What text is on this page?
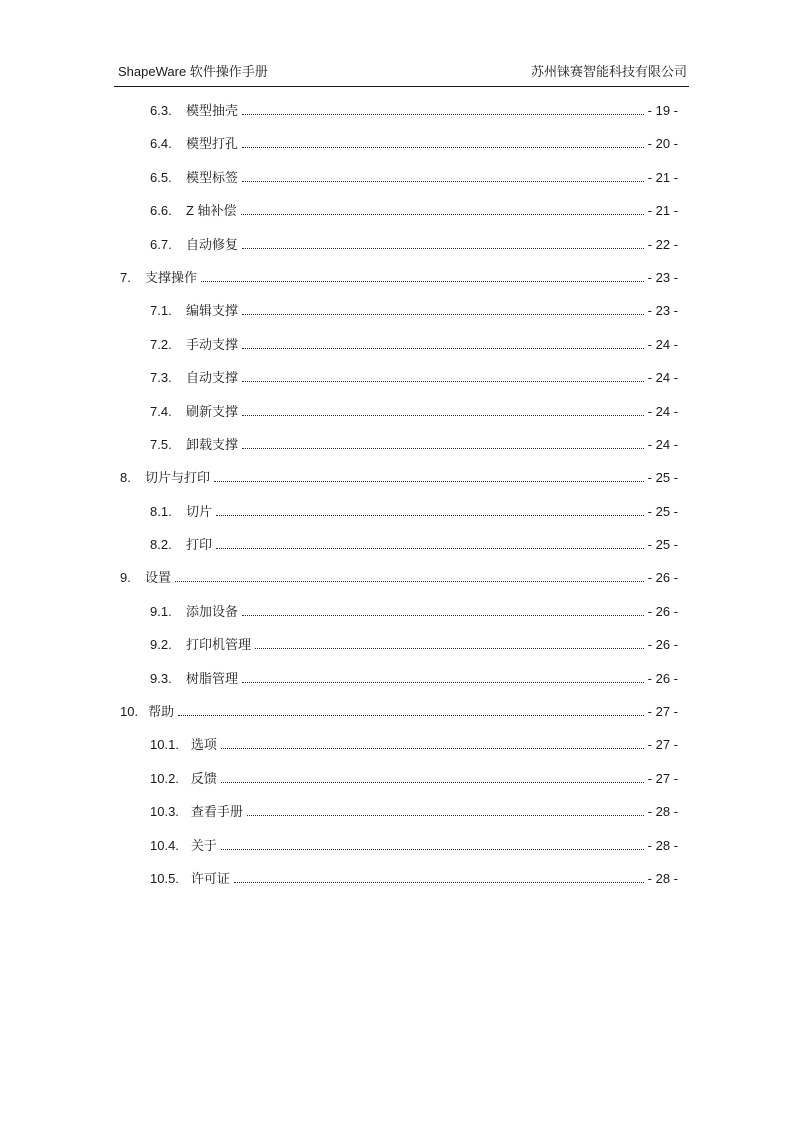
ShapeWare 软件操作手册	苏州铼赛智能科技有限公司
6.3.	模型抽壳	- 19 -
6.4.	模型打孔	- 20 -
6.5.	模型标签	- 21 -
6.6.	Z 轴补偿	- 21 -
6.7.	自动修复	- 22 -
7.	支撑操作	- 23 -
7.1.	编辑支撑	- 23 -
7.2.	手动支撑	- 24 -
7.3.	自动支撑	- 24 -
7.4.	刷新支撑	- 24 -
7.5.	卸载支撑	- 24 -
8.	切片与打印	- 25 -
8.1.	切片	- 25 -
8.2.	打印	- 25 -
9.	设置	- 26 -
9.1.	添加设备	- 26 -
9.2.	打印机管理	- 26 -
9.3.	树脂管理	- 26 -
10. 帮助	- 27 -
10.1. 选项	- 27 -
10.2. 反馈	- 27 -
10.3. 查看手册	- 28 -
10.4. 关于	- 28 -
10.5. 许可证	- 28 -
